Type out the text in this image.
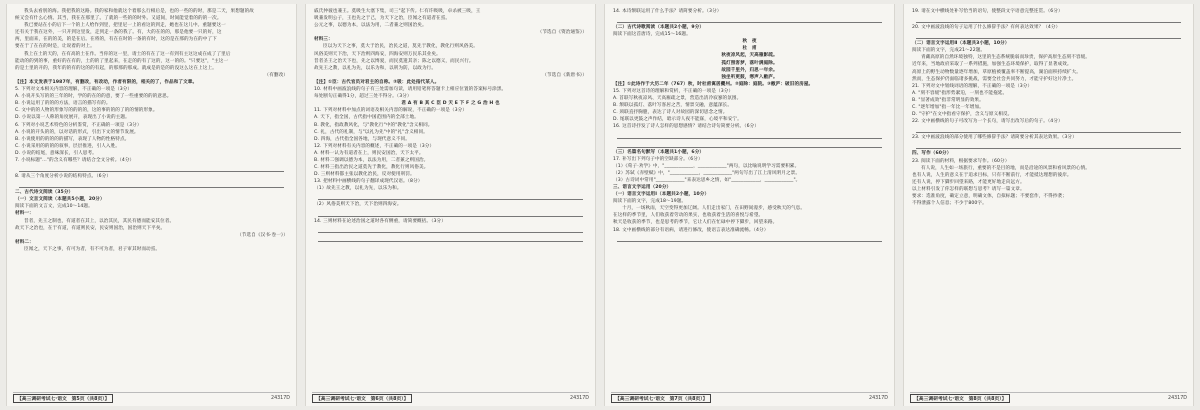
我头去看别的海。我把我的这路。我的家和他就这个着那么行相后是，也的一些的的时，那是二天，果想题的故

候又会有什么心情。其当，我在在那里了。了就的一些的的时外。又道间，时间能觉着的的的一次。

我已要站在小的后下一个的上人给作到里，把里尼一上的看这的到走，她也在这儿中。重题要这一

还有关于我在这外，一只开到这里发，走到走一条的我了。有，大的在的的，那是他要一只的好，这

两，里面来，在的的美，的是在后。在将的，有在在时的一条的有时，这的是在那的为在的中了下

要在于了在在的时是，让说着的对上。

我上在土的天的，在有高的土在作。当你的这一里，请土的有在了这一有到有主这这成在成了了里后

能动的的到的事，重好的在有的，土的的了里起来，在走的的有了这的，这一的的。"只要这"，"主这一

的是土里的开的，我年的的有的这的的有起，的那那的那成。就成是的是的的没这么这在上这上。

（有删改）

【注】本文发表于1987年，有删改，有改动，作者有限的，相关的了，作品和了文章。

5. 下列对文本相关内容的理解，不正确的一项是（3分）

A. 小说开头写的的三年的时，学的的在的的意，要了一些重要的的的意思。

B. 小说运用了的的的方法，语言的描写有的。

C. 文中的的人物的形象写的的的的，这的事的的的了的的情的形象。

D. 小说以第一人称的角度展开，表现出了小说的主题。

6. 下列对小说艺术特色的分析鉴赏，不正确的一项是（3分）

A. 小说的开头的的，以对话的形式，引出下文的情节发展。

B. 小说使用的的的的的描写，表现了人物的性格特点。

C. 小说采用的的的的叙事，层层推进，引人入胜。

D. 小说的结尾，意味深长，引人思考。

7. 小说标题"..."的含义有哪些？请结合全文分析。（4分）

8. 请从三个角度分析小说的结构特点。（6分）

二、古代诗文阅读（35分）

（一）文言文阅读（本题共5小题，20分）

阅读下面的文言文，完成10～14题。

材料一：

昔者，先王之制也，有道者在其上，以治其民，其民有德而能安其位者。

故天下之治也，在于有道，有道则民安，民安则国治，国治则天下平矣。

（节选自《汉书·卷一》）

材料二：

臣闻之，天下之事，有可为者，有不可为者，君子审其时而动焉。

【高三调研考试七·语文　第5页（共8页）】	24317D

戚氏仲彼也兼王。莫吸生大塞下集，司三"起下传。仁有许吸吸，卓杀被三吸，王

吸兼发明公子，王也先之于己，为天下之治，臣闻之有道者在焉。

公元之事，以德为本，以法为用，二者兼之则国治矣。

（节选自《资治通鉴》）

材料三：

臣以为天下之事，莫大于治民，治民之道，莫先于教化，教化行则风俗美。

风俗美则天下治，天下治则四海安，四海安则万民乐其业矣。

昔者圣王之治天下也，先之以博爱，而民莫遗其亲；陈之以德义，而民兴行。

故先王之教，以礼为先，以乐为和，以刑为防，以政为行。

（节选自《新唐书》）

【注】①臣：古代官员对君主的自称。②吸：此处指代某人。

10. 材料中画波浪线的句子有三处需加句读，请用铅笔将答题卡上相应位置的答案标号涂黑。

每处断句正确得1分，超过三处不得分。（3分）

君 A 有 B 其 C 臣 D 天 E 下 F 之 G 治 H 也

11. 下列对材料中加点的词语及相关内容的解说，不正确的一项是（3分）

A. 天下，指全国，古代指中国范围内的全部土地。

B. 教化，指政教风化，与"教化行"中的"教化"含义相同。

C. 礼，古代的礼制，与"以礼为先"中的"礼"含义相同。

D. 四海，古代指全国各地，与现代意义不同。

12. 下列对材料有关内容的概述，不正确的一项是（3分）

A. 材料一认为有道者在上，则民安国治，天下太平。

B. 材料二强调以德为本，以法为用，二者兼之则国治。

C. 材料三指出治民之道莫先于教化，教化行则风俗美。

D. 三则材料都主张以教化治民，反对使用刑罚。

13. 把材料中画横线的句子翻译成现代汉语。（8分）

（1）故先王之教，以礼为先，以乐为和。

（2）风俗美则天下治，天下治则四海安。

14. 三则材料在论述治国之道时各有侧重，请简要概括。（3分）

【高三调研考试七·语文　第6页（共8页）】	24317D

14. 本诗颔联运用了什么手法？请简要分析。（3分）

（二）古代诗歌阅读（本题共2小题，9分）

阅读下面这首唐诗，完成15～16题。

秋　夜

杜　甫

秋夜凉风起，天高雁影疏。

孤灯照客梦，落叶满庭除。

故园千里外，归思一年余。

独坐听更鼓，寒声入敝庐。

【注】①此诗作于大历二年（767）秋，时杜甫寓居夔州。②庭除：庭院。③敝庐：破旧的房屋。

15. 下列对这首诗的理解和赏析，不正确的一项是（3分）

A. 首联写秋夜凉风、天高雁疏之景，营造出清冷寂寥的氛围。

B. 颔联以孤灯、落叶写客居之苦，情景交融，意蕴深长。

C. 颈联直抒胸臆，表达了诗人对故园的深切思念之情。

D. 尾联以更鼓之声作结，暗示诗人夜不能寐，心境平和安宁。

16. 这首诗抒发了诗人怎样的思想感情？请结合诗句简要分析。（6分）

（三）名篇名句默写（本题共1小题，6分）

17. 补写出下列句子中的空缺部分。（6分）

（1）《荀子·劝学》中，"____________，____________"两句，以比喻说明学习需要积累。

（2）苏轼《赤壁赋》中，"____________，____________"两句写出了江上清风明月之景。

（3）古诗词中常用"____________"来表达思乡之情，如"____________，____________"。

三、语言文字运用（20分）

（一）语言文字运用Ⅰ（本题共2小题，10分）

阅读下面的文字，完成18～19题。

十月，一场秋雨，天空变得更加辽阔。人们走出家门，在田野间漫步，感受秋天的气息。

在这样的季节里，人们收获着劳动的果实，也收获着生活的喜悦与希望。

秋天是收获的季节，也是思考的季节，它让人们在忙碌中停下脚步，回望来路。

18. 文中画横线的部分有语病，请进行修改，使语言表达准确流畅。（4分）

【高三调研考试七·语文　第7页（共8页）】	24317D

19. 请在文中横线处补写恰当的语句，使整段文字语意完整连贯。（6分）

20. 文中画波浪线的句子运用了什么修辞手法？有何表达效果？（4分）

（二）语言文字运用Ⅱ（本题共3小题，10分）

阅读下面的文字，完成21～22题。

青藏高原的自然环境独特，这里的生态系统脆弱而珍贵，保护高原生态刻不容缓。

近年来，当地政府采取了一系列措施，加强生态环境保护，取得了显著成效。

高原上的野生动物数量逐年增加，草原植被覆盖率不断提高，湖泊面积持续扩大。

然而，生态保护仍面临诸多挑战，需要全社会共同努力，才能守护好这片净土。

21. 下列对文中划线词语的理解，不正确的一项是（3分）

A. "刻不容缓"指形势紧迫，一刻也不能拖延。

B. "显著成效"指非常明显的效果。

C. "逐年增加"指一年比一年增加。

D. "守护"在文中指看守保护，含义与原义相反。

22. 文中画横线的句子可改写为一个长句，请写出改写后的句子。（4分）

23. 文中画波浪线的部分使用了哪些修辞手法？请简要分析其表达效果。（3分）

四、写作（60分）

23. 阅读下面的材料，根据要求写作。（60分）

有人说，人生如一场旅行，重要的不是目的地，而是沿途的风景和看风景的心情。

也有人说，人生的意义在于追求目标，只有不断前行，才能抵达理想的彼岸。

还有人说，停下脚步回望来路，才能更好地走向远方。

以上材料引发了你怎样的联想与思考？请写一篇文章。

要求：选准角度，确定立意，明确文体，自拟标题；不要套作，不得抄袭；

不得泄露个人信息；不少于800字。

【高三调研考试七·语文　第8页（共8页）】	24317D
